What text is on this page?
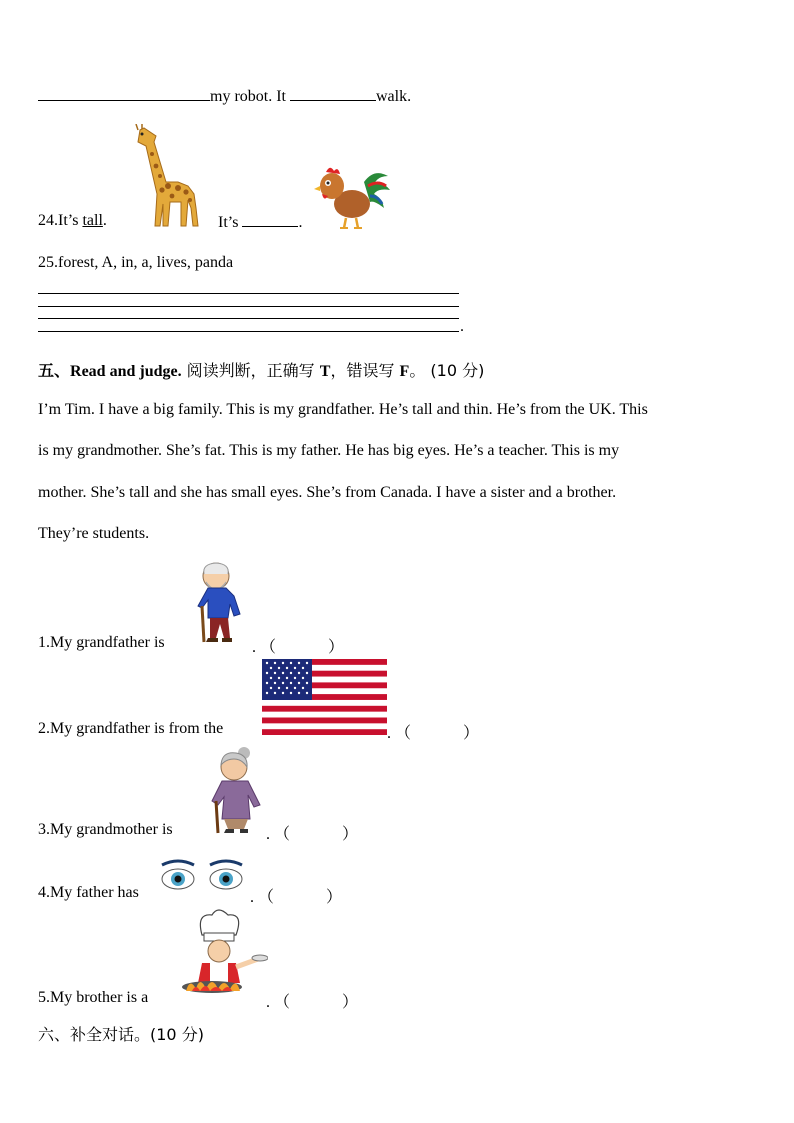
my robot. It	walk.
24.It’s tall.	It’s	.
25.forest, A, in, a, lives, panda
.
五、Read and judge. 阅读判断，正确写 T，错误写 F。 (10 分)
I’m Tim. I have a big family. This is my grandfather. He’s tall and thin. He’s from the UK. This
is my grandmother. She’s fat. This is my father. He has big eyes. He’s a teacher. This is my
mother. She’s tall and she has small eyes. She’s from Canada. I have a sister and a brother.
They’re students.
1.My grandfather is	. （	）
2.My grandfather is from the	. （	）
3.My grandmother is	. （	）
4.My father has	. （	）
5.My brother is a	. （	）
六、补全对话。(10 分)
